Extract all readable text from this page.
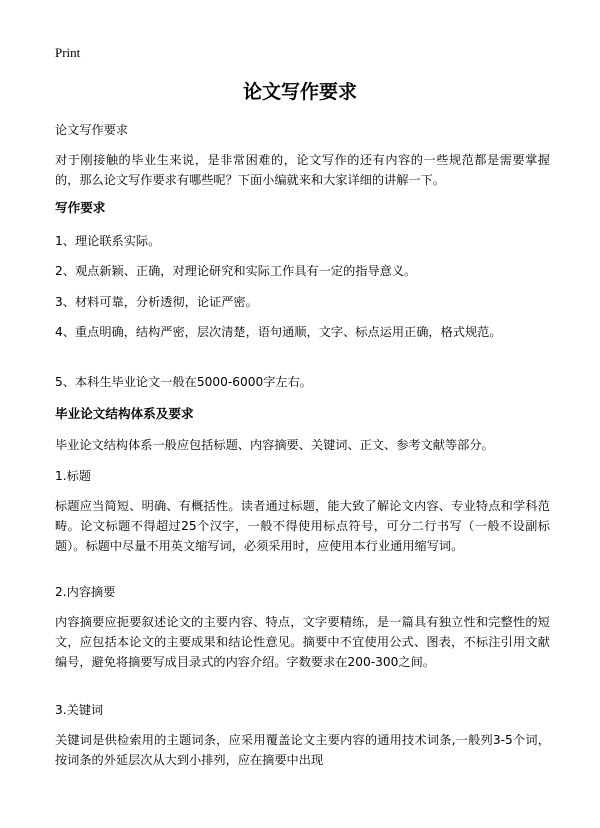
Print
论文写作要求
论文写作要求
对于刚接触的毕业生来说，是非常困难的，论文写作的还有内容的一些规范都是需要掌握的，那么论文写作要求有哪些呢？下面小编就来和大家详细的讲解一下。
写作要求
1、理论联系实际。
2、观点新颖、正确，对理论研究和实际工作具有一定的指导意义。
3、材料可靠，分析透彻，论证严密。
4、重点明确，结构严密，层次清楚，语句通顺，文字、标点运用正确，格式规范。
5、本科生毕业论文一般在5000-6000字左右。
毕业论文结构体系及要求
毕业论文结构体系一般应包括标题、内容摘要、关键词、正文、参考文献等部分。
1.标题
标题应当简短、明确、有概括性。读者通过标题，能大致了解论文内容、专业特点和学科范畴。论文标题不得超过25个汉字，一般不得使用标点符号，可分二行书写（一般不设副标题）。标题中尽量不用英文缩写词，必须采用时，应使用本行业通用缩写词。
2.内容摘要
内容摘要应扼要叙述论文的主要内容、特点，文字要精练，是一篇具有独立性和完整性的短文，应包括本论文的主要成果和结论性意见。摘要中不宜使用公式、图表，不标注引用文献编号，避免将摘要写成目录式的内容介绍。字数要求在200-300之间。
3.关键词
关键词是供检索用的主题词条，应采用覆盖论文主要内容的通用技术词条,一般列3-5个词，按词条的外延层次从大到小排列，应在摘要中出现
